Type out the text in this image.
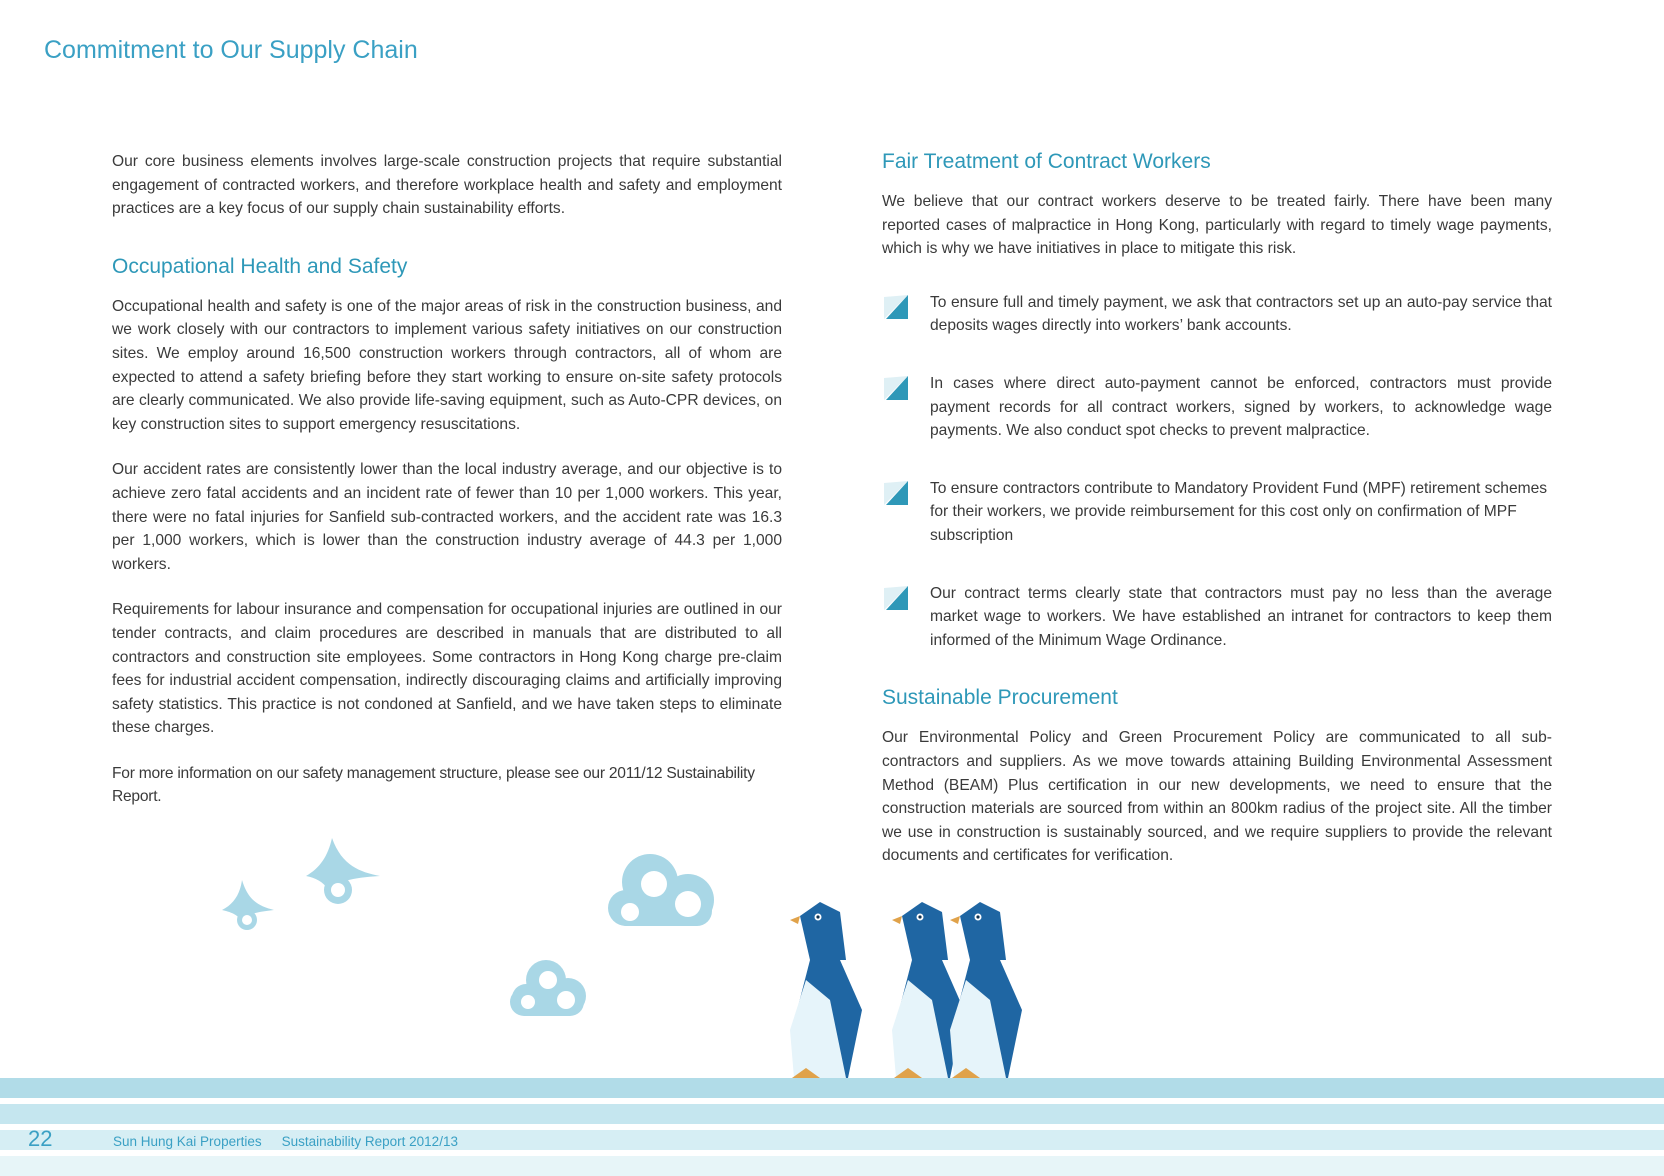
Commitment to Our Supply Chain

Our core business elements involves large-scale construction projects that require substantial engagement of contracted workers, and therefore workplace health and safety and employment practices are a key focus of our supply chain sustainability efforts.

Occupational Health and Safety

Occupational health and safety is one of the major areas of risk in the construction business, and we work closely with our contractors to implement various safety initiatives on our construction sites. We employ around 16,500 construction workers through contractors, all of whom are expected to attend a safety briefing before they start working to ensure on-site safety protocols are clearly communicated. We also provide life-saving equipment, such as Auto-CPR devices, on key construction sites to support emergency resuscitations.

Our accident rates are consistently lower than the local industry average, and our objective is to achieve zero fatal accidents and an incident rate of fewer than 10 per 1,000 workers. This year, there were no fatal injuries for Sanfield sub-contracted workers, and the accident rate was 16.3 per 1,000 workers, which is lower than the construction industry average of 44.3 per 1,000 workers.

Requirements for labour insurance and compensation for occupational injuries are outlined in our tender contracts, and claim procedures are described in manuals that are distributed to all contractors and construction site employees. Some contractors in Hong Kong charge pre-claim fees for industrial accident compensation, indirectly discouraging claims and artificially improving safety statistics. This practice is not condoned at Sanfield, and we have taken steps to eliminate these charges.

For more information on our safety management structure, please see our 2011/12 Sustainability Report.

Fair Treatment of Contract Workers

We believe that our contract workers deserve to be treated fairly. There have been many reported cases of malpractice in Hong Kong, particularly with regard to timely wage payments, which is why we have initiatives in place to mitigate this risk.

To ensure full and timely payment, we ask that contractors set up an auto-pay service that deposits wages directly into workers’ bank accounts.

In cases where direct auto-payment cannot be enforced, contractors must provide payment records for all contract workers, signed by workers, to acknowledge wage payments. We also conduct spot checks to prevent malpractice.

To ensure contractors contribute to Mandatory Provident Fund (MPF) retirement schemes for their workers, we provide reimbursement for this cost only on confirmation of MPF subscription

Our contract terms clearly state that contractors must pay no less than the average market wage to workers. We have established an intranet for contractors to keep them informed of the Minimum Wage Ordinance.

Sustainable Procurement

Our Environmental Policy and Green Procurement Policy are communicated to all sub-contractors and suppliers. As we move towards attaining Building Environmental Assessment Method (BEAM) Plus certification in our new developments, we need to ensure that the construction materials are sourced from within an 800km radius of the project site. All the timber we use in construction is sustainably sourced, and we require suppliers to provide the relevant documents and certificates for verification.

22	Sun Hung Kai Properties Sustainability Report 2012/13
